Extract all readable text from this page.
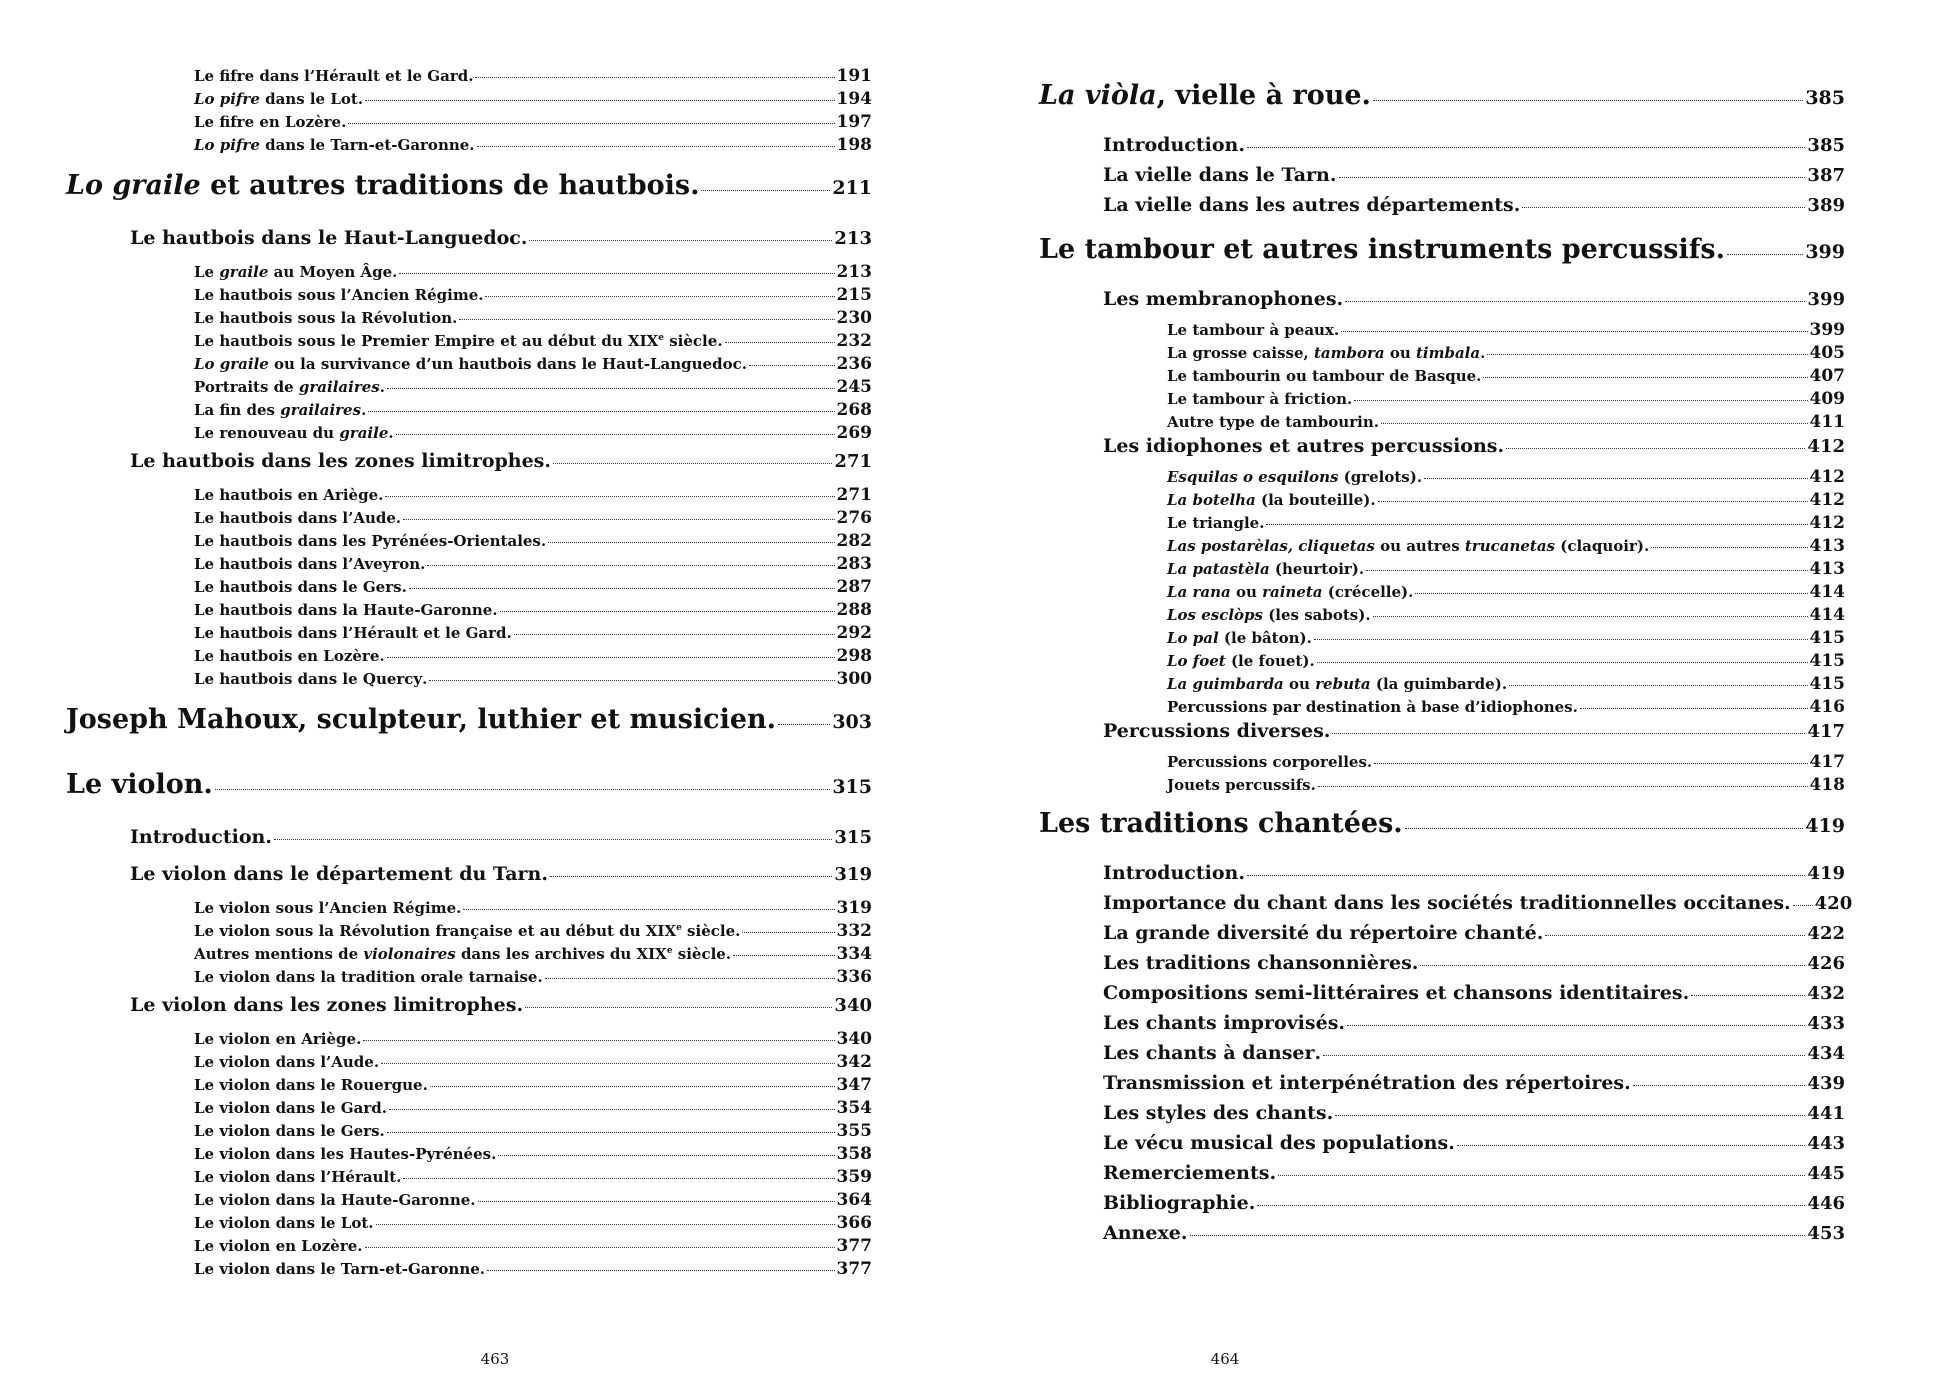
Le fifre dans l’Hérault et le Gard .	191
Lo pifre dans le Lot .	194
Le fifre en Lozère .	197
Lo pifre dans le Tarn-et-Garonne .	198
Lo graile et autres traditions de hautbois .	211
Le hautbois dans le Haut-Languedoc .	213
Le graile au Moyen Âge .	213
Le hautbois sous l’Ancien Régime .	215
Le hautbois sous la Révolution .	230
Le hautbois sous le Premier Empire et au début du XIXe siècle .	232
Lo graile ou la survivance d’un hautbois dans le Haut-Languedoc .	236
Portraits de grailaires .	245
La fin des grailaires .	268
Le renouveau du graile .	269
Le hautbois dans les zones limitrophes .	271
Le hautbois en Ariège .	271
Le hautbois dans l’Aude .	276
Le hautbois dans les Pyrénées-Orientales .	282
Le hautbois dans l’Aveyron .	283
Le hautbois dans le Gers .	287
Le hautbois dans la Haute-Garonne .	288
Le hautbois dans l’Hérault et le Gard .	292
Le hautbois en Lozère .	298
Le hautbois dans le Quercy .	300
Joseph Mahoux, sculpteur, luthier et musicien .	303
Le violon .	315
Introduction .	315
Le violon dans le département du Tarn .	319
Le violon sous l’Ancien Régime .	319
Le violon sous la Révolution française et au début du XIXe siècle .	332
Autres mentions de violonaires dans les archives du XIXe siècle .	334
Le violon dans la tradition orale tarnaise .	336
Le violon dans les zones limitrophes .	340
Le violon en Ariège .	340
Le violon dans l’Aude .	342
Le violon dans le Rouergue .	347
Le violon dans le Gard .	354
Le violon dans le Gers .	355
Le violon dans les Hautes-Pyrénées .	358
Le violon dans l’Hérault .	359
Le violon dans la Haute-Garonne .	364
Le violon dans le Lot .	366
Le violon en Lozère .	377
Le violon dans le Tarn-et-Garonne .	377
463
La viòla, vielle à roue .	385
Introduction .	385
La vielle dans le Tarn .	387
La vielle dans les autres départements .	389
Le tambour et autres instruments percussifs .	399
Les membranophones .	399
Le tambour à peaux .	399
La grosse caisse, tambora ou timbala .	405
Le tambourin ou tambour de Basque .	407
Le tambour à friction .	409
Autre type de tambourin .	411
Les idiophones et autres percussions .	412
Esquilas o esquilons (grelots) .	412
La botelha (la bouteille) .	412
Le triangle .	412
Las postarèlas, cliquetas ou autres trucanetas (claquoir) .	413
La patastèla (heurtoir) .	413
La rana ou raineta (crécelle) .	414
Los esclòps (les sabots) .	414
Lo pal (le bâton) .	415
Lo foet (le fouet) .	415
La guimbarda ou rebuta (la guimbarde) .	415
Percussions par destination à base d’idiophones .	416
Percussions diverses .	417
Percussions corporelles .	417
Jouets percussifs .	418
Les traditions chantées .	419
Introduction .	419
Importance du chant dans les sociétés traditionnelles occitanes . 420
La grande diversité du répertoire chanté .	422
Les traditions chansonnières .	426
Compositions semi-littéraires et chansons identitaires .	432
Les chants improvisés .	433
Les chants à danser .	434
Transmission et interpénétration des répertoires .	439
Les styles des chants .	441
Le vécu musical des populations .	443
Remerciements .	445
Bibliographie .	446
Annexe .	453
464
